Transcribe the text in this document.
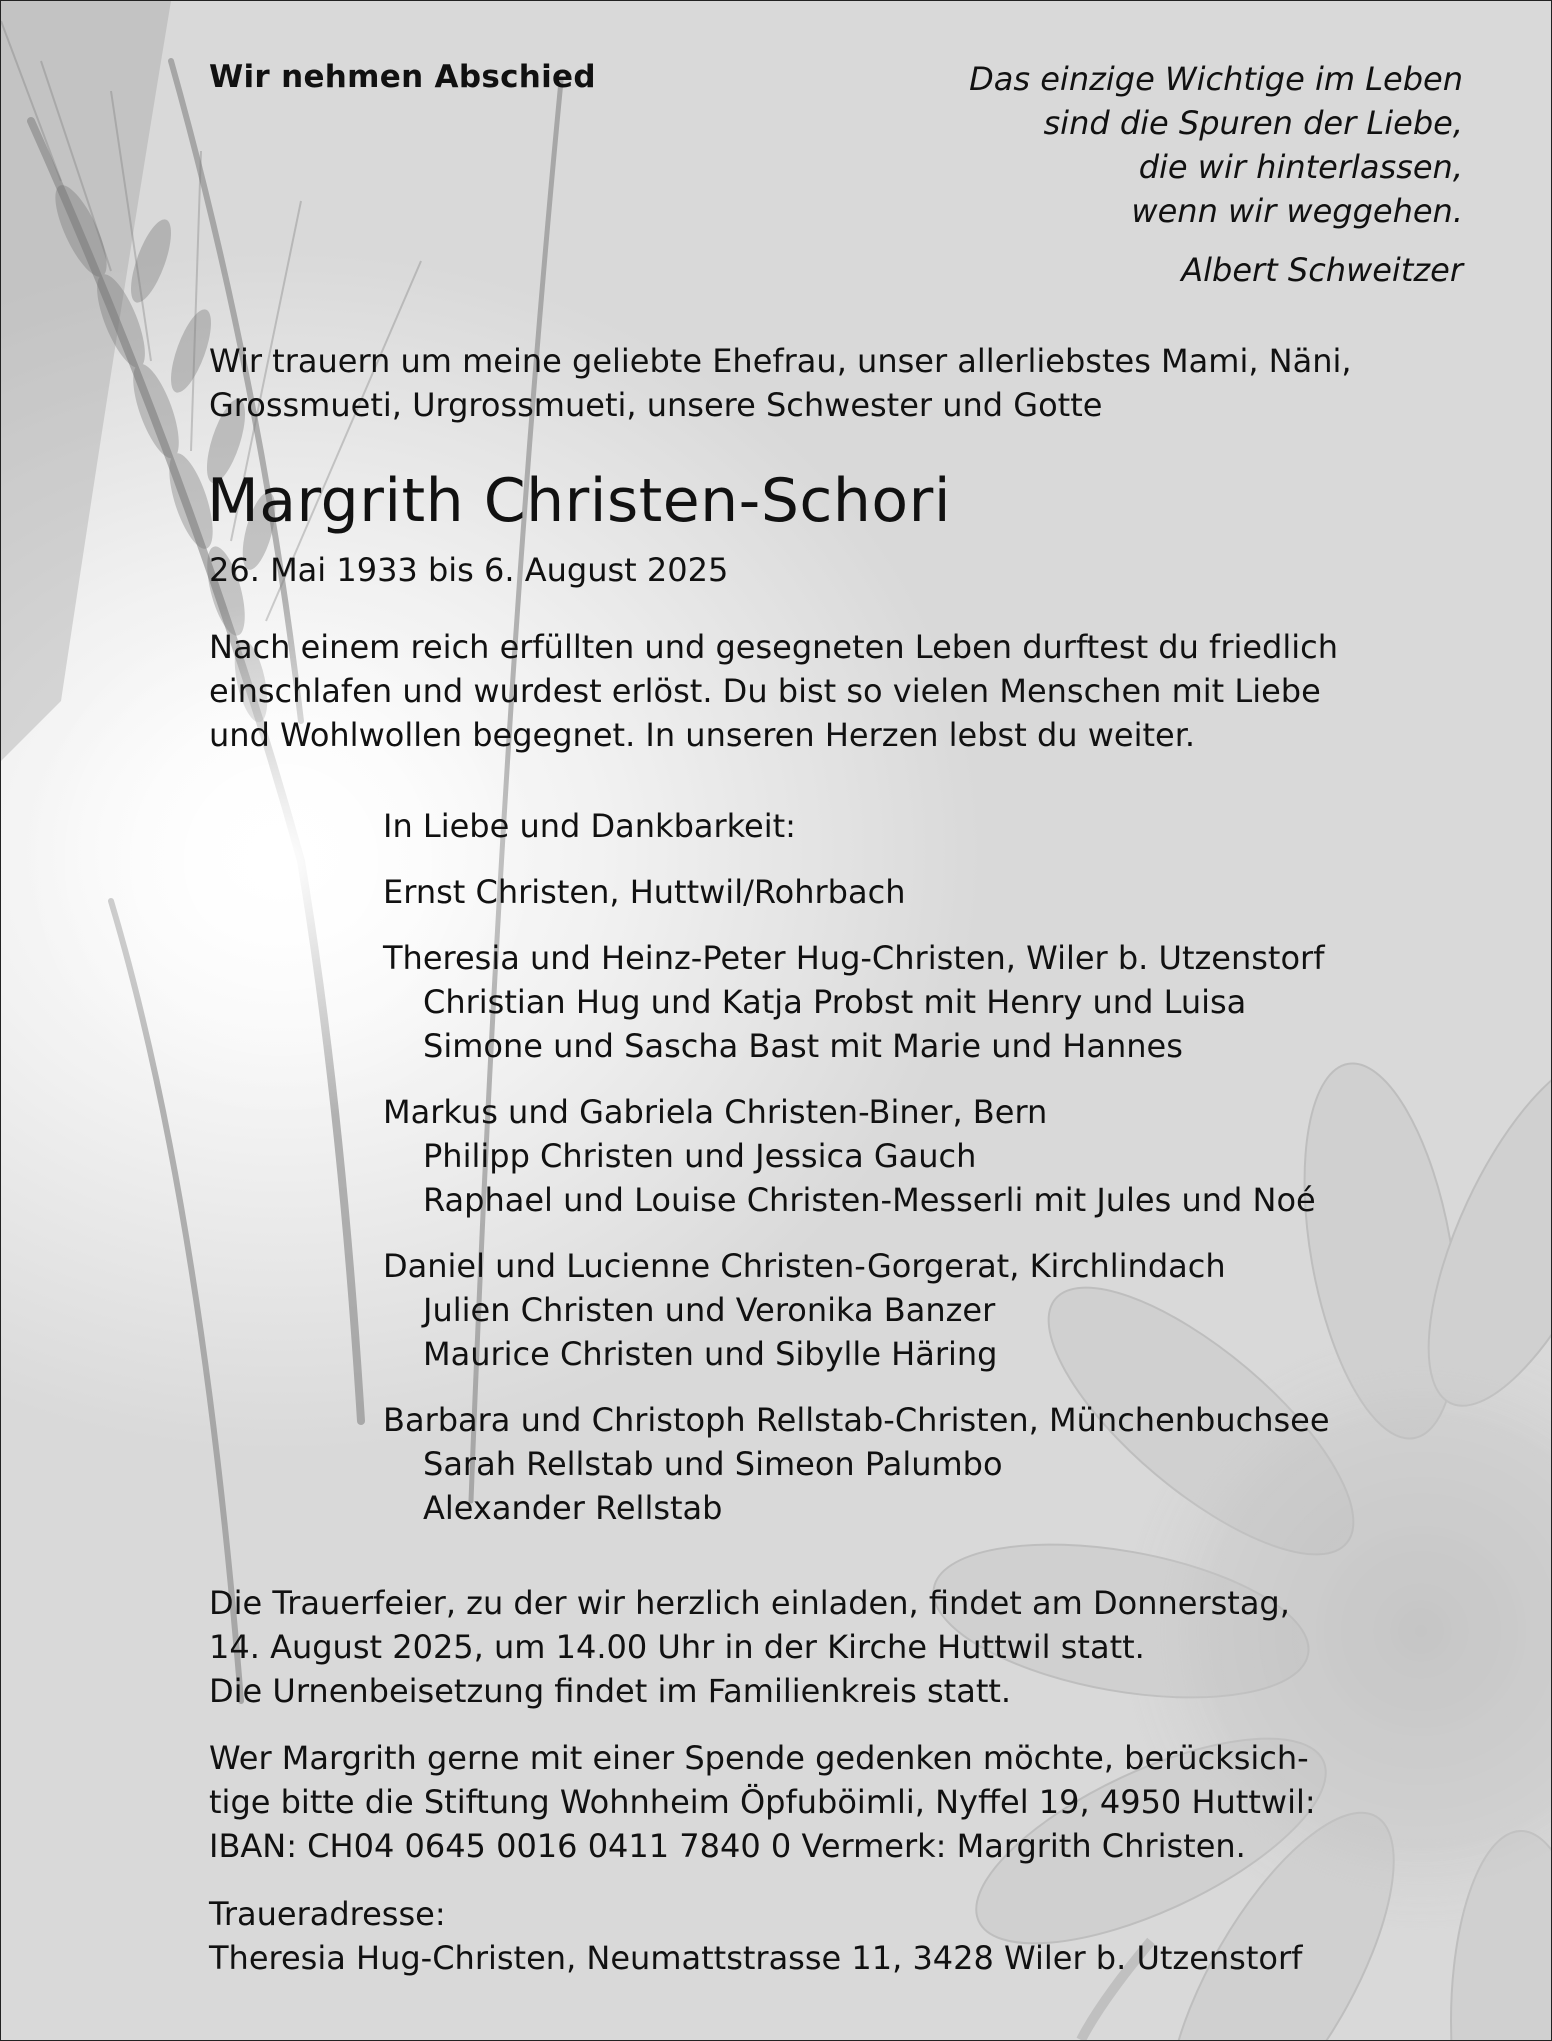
Wir nehmen Abschied	Das einzige Wichtige im Leben
sind die Spuren der Liebe,
die wir hinterlassen,
wenn wir weggehen.

Albert Schweitzer

Wir trauern um meine geliebte Ehefrau, unser allerliebstes Mami, Näni,
Grossmueti, Urgrossmueti, unsere Schwester und Gotte
Margrith Christen-Schori

26. Mai 1933 bis 6. August 2025

Nach einem reich erfüllten und gesegneten Leben durftest du friedlich
einschlafen und wurdest erlöst. Du bist so vielen Menschen mit Liebe
und Wohlwollen begegnet. In unseren Herzen lebst du weiter.
In Liebe und Dankbarkeit:
Ernst Christen, Huttwil/Rohrbach
Theresia und Heinz-Peter Hug-Christen, Wiler b. Utzenstorf
Christian Hug und Katja Probst mit Henry und Luisa
Simone und Sascha Bast mit Marie und Hannes
Markus und Gabriela Christen-Biner, Bern
Philipp Christen und Jessica Gauch
Raphael und Louise Christen-Messerli mit Jules und Noé
Daniel und Lucienne Christen-Gorgerat, Kirchlindach
Julien Christen und Veronika Banzer
Maurice Christen und Sibylle Häring
Barbara und Christoph Rellstab-Christen, Münchenbuchsee
Sarah Rellstab und Simeon Palumbo
Alexander Rellstab
Die Trauerfeier, zu der wir herzlich einladen, findet am Donnerstag,
14. August 2025, um 14.00 Uhr in der Kirche Huttwil statt.
Die Urnenbeisetzung findet im Familienkreis statt.
Wer Margrith gerne mit einer Spende gedenken möchte, berücksich-
tige bitte die Stiftung Wohnheim Öpfuböimli, Nyffel 19, 4950 Huttwil:
IBAN: CH04 0645 0016 0411 7840 0 Vermerk: Margrith Christen.
Traueradresse:
Theresia Hug-Christen, Neumattstrasse 11, 3428 Wiler b. Utzenstorf
